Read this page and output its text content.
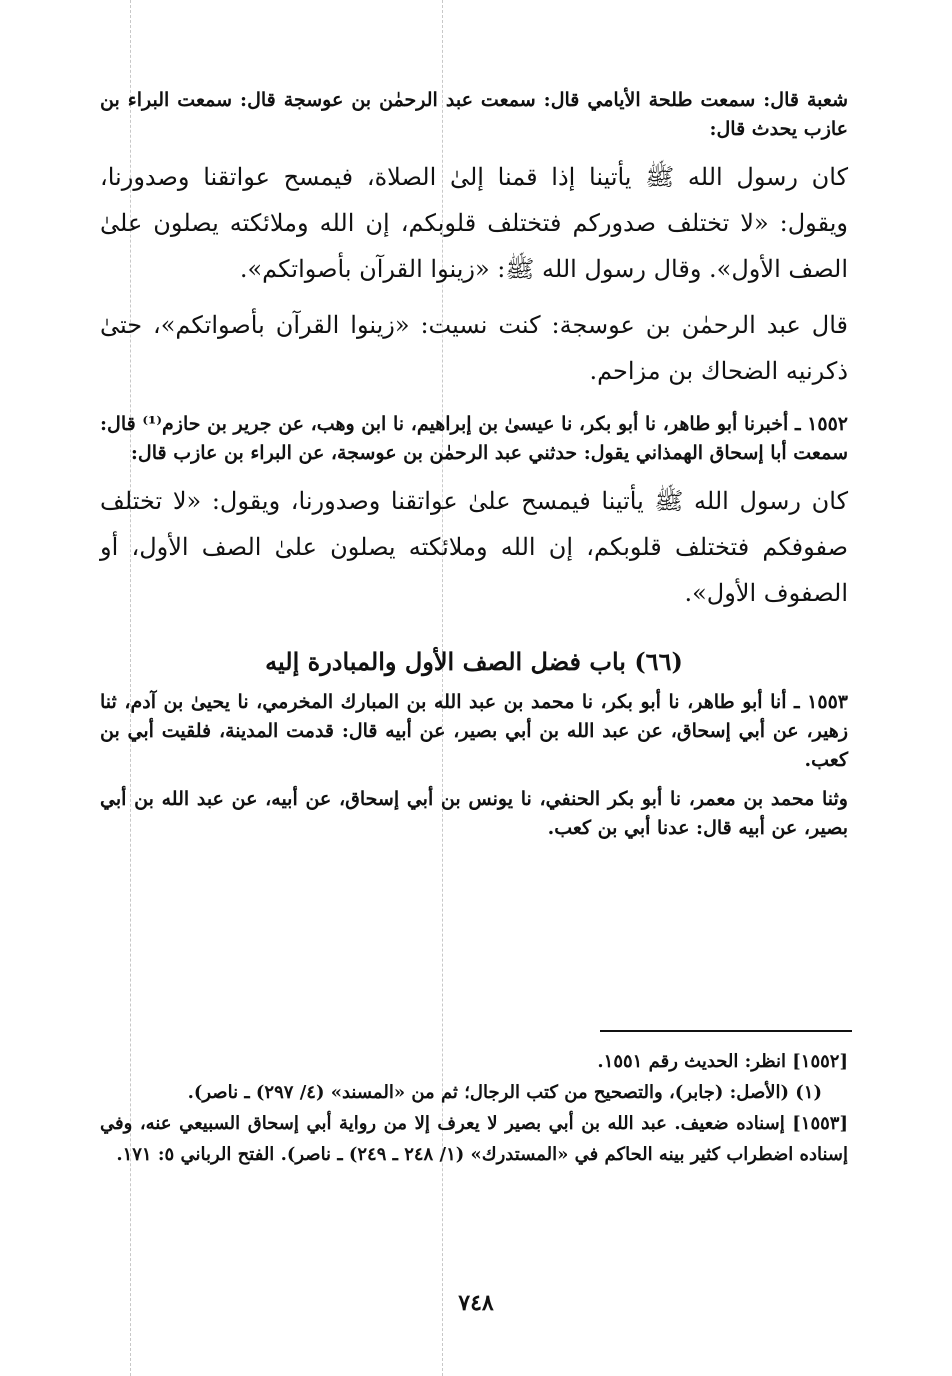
شعبة قال: سمعت طلحة الأيامي قال: سمعت عبد الرحمٰن بن عوسجة قال: سمعت البراء بن عازب يحدث قال:

كان رسول الله ﷺ يأتينا إذا قمنا إلىٰ الصلاة، فيمسح عواتقنا وصدورنا، ويقول: «لا تختلف صدوركم فتختلف قلوبكم، إن الله وملائكته يصلون علىٰ الصف الأول». وقال رسول الله ﷺ: «زينوا القرآن بأصواتكم».

قال عبد الرحمٰن بن عوسجة: كنت نسيت: «زينوا القرآن بأصواتكم»، حتىٰ ذكرنيه الضحاك بن مزاحم.

١٥٥٢ ـ أخبرنا أبو طاهر، نا أبو بكر، نا عيسىٰ بن إبراهيم، نا ابن وهب، عن جرير بن حازم⁽¹⁾ قال: سمعت أبا إسحاق الهمذاني يقول: حدثني عبد الرحمٰن بن عوسجة، عن البراء بن عازب قال:

كان رسول الله ﷺ يأتينا فيمسح علىٰ عواتقنا وصدورنا، ويقول: «لا تختلف صفوفكم فتختلف قلوبكم، إن الله وملائكته يصلون علىٰ الصف الأول، أو الصفوف الأول».

(٦٦) باب فضل الصف الأول والمبادرة إليه

١٥٥٣ ـ أنا أبو طاهر، نا أبو بكر، نا محمد بن عبد الله بن المبارك المخرمي، نا يحيىٰ بن آدم، ثنا زهير، عن أبي إسحاق، عن عبد الله بن أبي بصير، عن أبيه قال: قدمت المدينة، فلقيت أبي بن كعب.

وثنا محمد بن معمر، نا أبو بكر الحنفي، نا يونس بن أبي إسحاق، عن أبيه، عن عبد الله بن أبي بصير، عن أبيه قال: عدنا أبي بن كعب.

[١٥٥٢] انظر: الحديث رقم ١٥٥١.

(١) (الأصل: (جابر)، والتصحيح من كتب الرجال؛ ثم من «المسند» (٤/ ٢٩٧) ـ ناصر).

[١٥٥٣] إسناده ضعيف. عبد الله بن أبي بصير لا يعرف إلا من رواية أبي إسحاق السبيعي عنه، وفي إسناده اضطراب كثير بينه الحاكم في «المستدرك» (١/ ٢٤٨ ـ ٢٤٩) ـ ناصر). الفتح الرباني ٥: ١٧١.

٧٤٨
